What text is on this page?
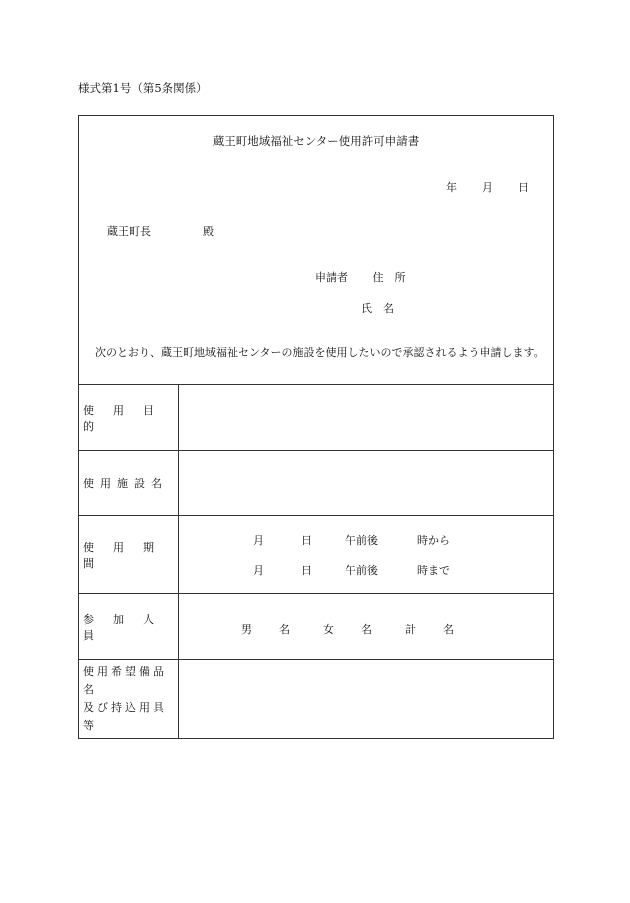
様式第1号（第5条関係）
蔵王町地域福祉センター使用許可申請書
年	月	日
蔵王町長	殿
申請者 住　所
氏　名
次のとおり、蔵王町地域福祉センターの施設を使用したいので承認されるよう申請します。
使用目的
使用施設名
使用期間
月	日	午前後	時から
月	日	午前後	時まで
参加人員	男	名	女	名	計	名
使用希望備品名
及び持込用具等
